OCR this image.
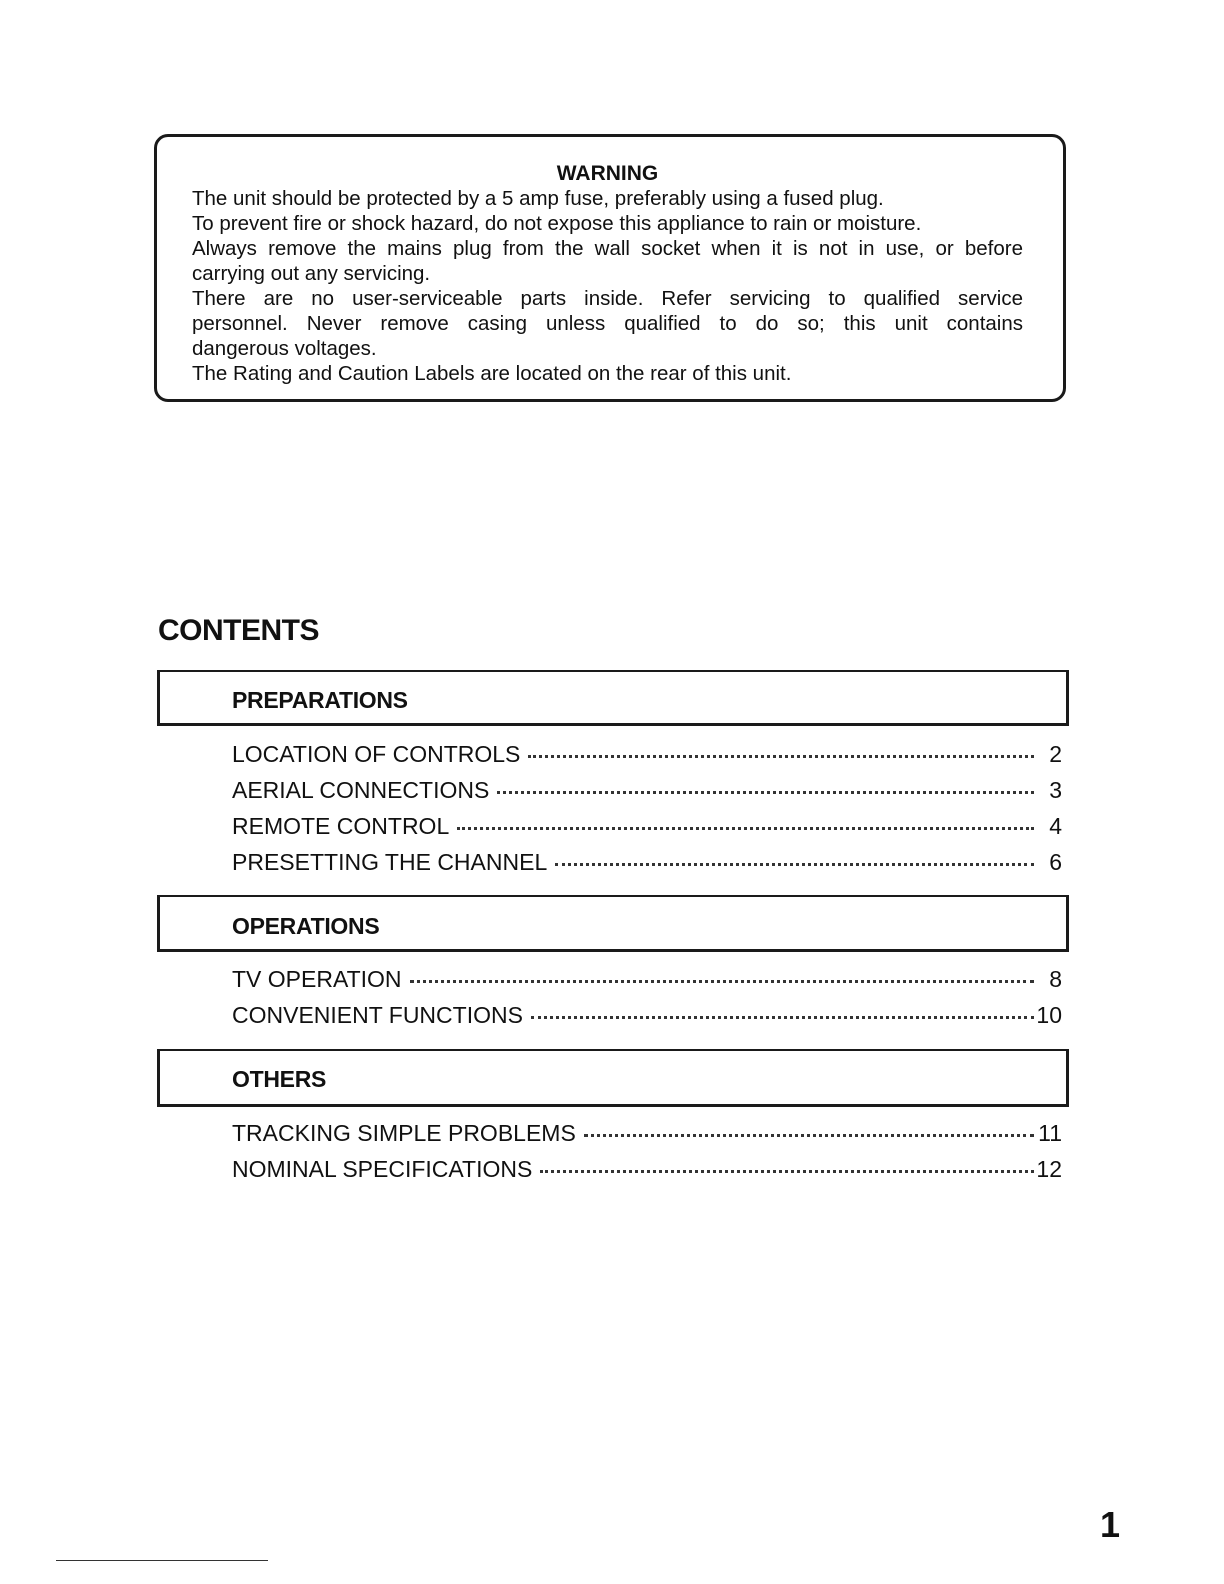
WARNING

The unit should be protected by a 5 amp fuse, preferably using a fused plug.

To prevent fire or shock hazard, do not expose this appliance to rain or moisture.

Always remove the mains plug from the wall socket when it is not in use, or before

carrying out any servicing.

There are no user-serviceable parts inside. Refer servicing to qualified service

personnel. Never remove casing unless qualified to do so; this unit contains

dangerous voltages.

The Rating and Caution Labels are located on the rear of this unit.

CONTENTS
PREPARATIONS
LOCATION OF CONTROLS	2
AERIAL CONNECTIONS	3
REMOTE CONTROL	4
PRESETTING THE CHANNEL	6
OPERATIONS
TV OPERATION	8
CONVENIENT FUNCTIONS	10
OTHERS
TRACKING SIMPLE PROBLEMS	11
NOMINAL SPECIFICATIONS	12

1
